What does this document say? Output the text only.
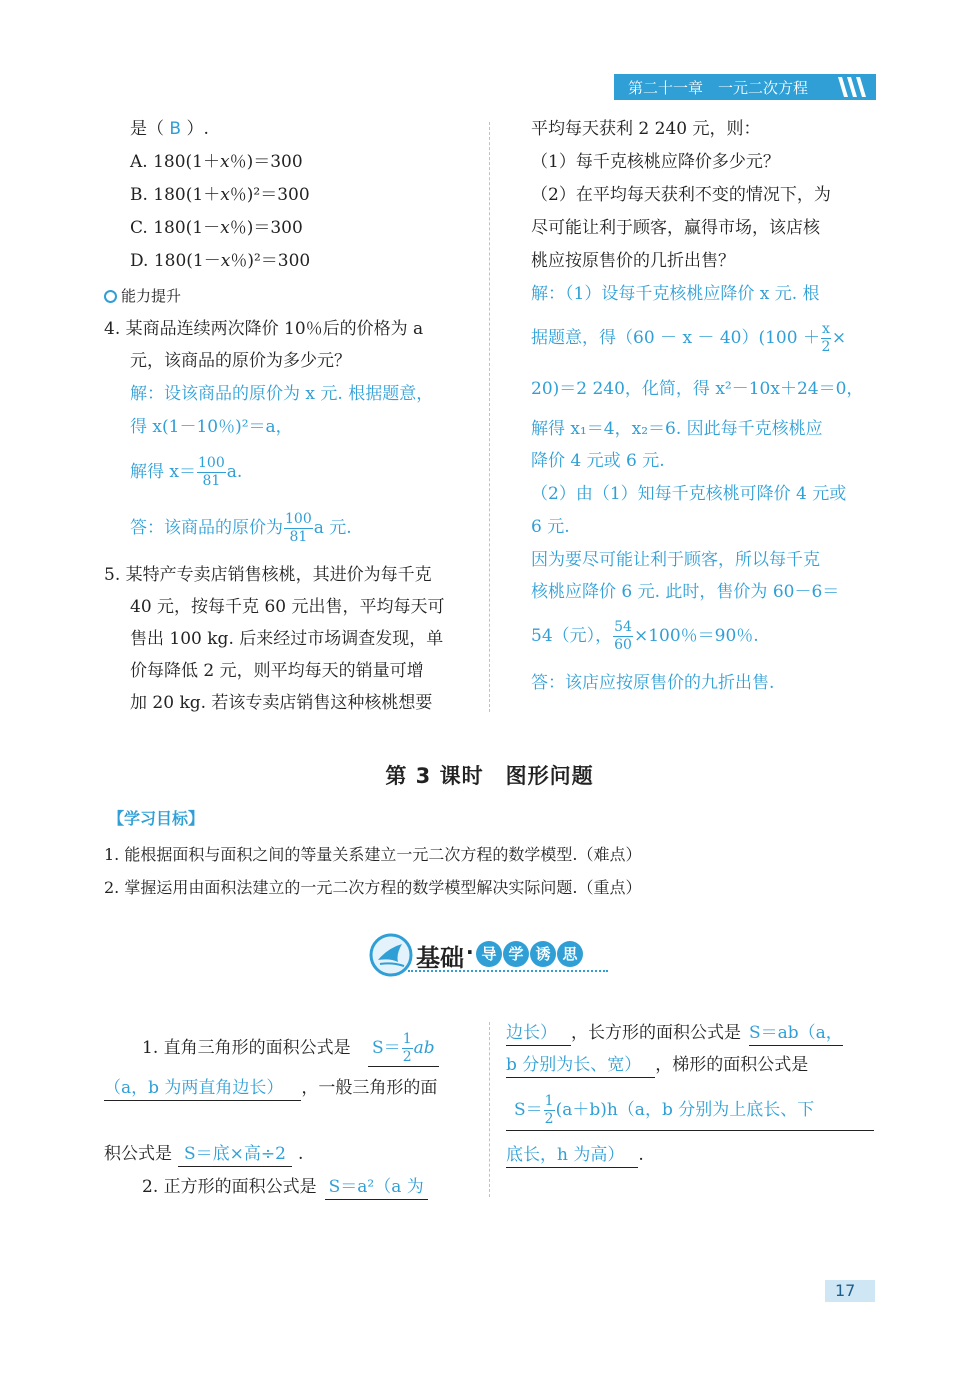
第二十一章　一元二次方程
是（ B ）.
A. 180(1＋x％)＝300
B. 180(1＋x％)²＝300
C. 180(1－x％)＝300
D. 180(1－x％)²＝300
能力提升
4. 某商品连续两次降价 10％后的价格为 a
元，该商品的原价为多少元？
解：设该商品的原价为 x 元. 根据题意，
得 x(1－10％)²＝a，
解得 $x= \frac{100}{81} a$.
答：该商品的原价为 $\frac{100}{81}$ a 元.
5. 某特产专卖店销售核桃，其进价为每千克
40 元，按每千克 60 元出售，平均每天可
售出 100 kg. 后来经过市场调查发现，单
价每降低 2 元，则平均每天的销量可增
加 20 kg. 若该专卖店销售这种核桃想要
平均每天获利 2 240 元，则：
（1）每千克核桃应降价多少元？
（2）在平均每天获利不变的情况下，为
尽可能让利于顾客，赢得市场，该店核
桃应按原售价的几折出售？
解：（1）设每千克核桃应降价 x 元. 根
据题意，得$(60 - x - 40)(100 + \frac{x}{2}$ ×
20)＝2 240，化简，得 x²－10x＋24＝0，
解得 x₁＝4，x₂＝6. 因此每千克核桃应
降价 4 元或 6 元.
（2）由（1）知每千克核桃可降价 4 元或
6 元.
因为要尽可能让利于顾客，所以每千克
核桃应降价 6 元. 此时，售价为 60－6＝
54（元）， $\frac{54}{60} \times 100$％＝90％.
答：该店应按原售价的九折出售.
第 3 课时　图形问题
【学习目标】
1. 能根据面积与面积之间的等量关系建立一元二次方程的数学模型.（难点）
2. 掌握运用由面积法建立的一元二次方程的数学模型解决实际问题.（重点）
基础 · 导 学 诱 思
1. 直角三角形的面积公式是 $S= \frac{1}{2}$ ab
（a，b 为两直角边长） ，一般三角形的面
积公式是 S＝底×高÷2 .
2. 正方形的面积公式是 S＝a²（a 为
边长） ，长方形的面积公式是 S＝ab（a，
b 分别为长、宽） ，梯形的面积公式是
$S= \frac{1}{2} (a+b)h(a$，b 分别为上底长、下
底长，h 为高） .
17
